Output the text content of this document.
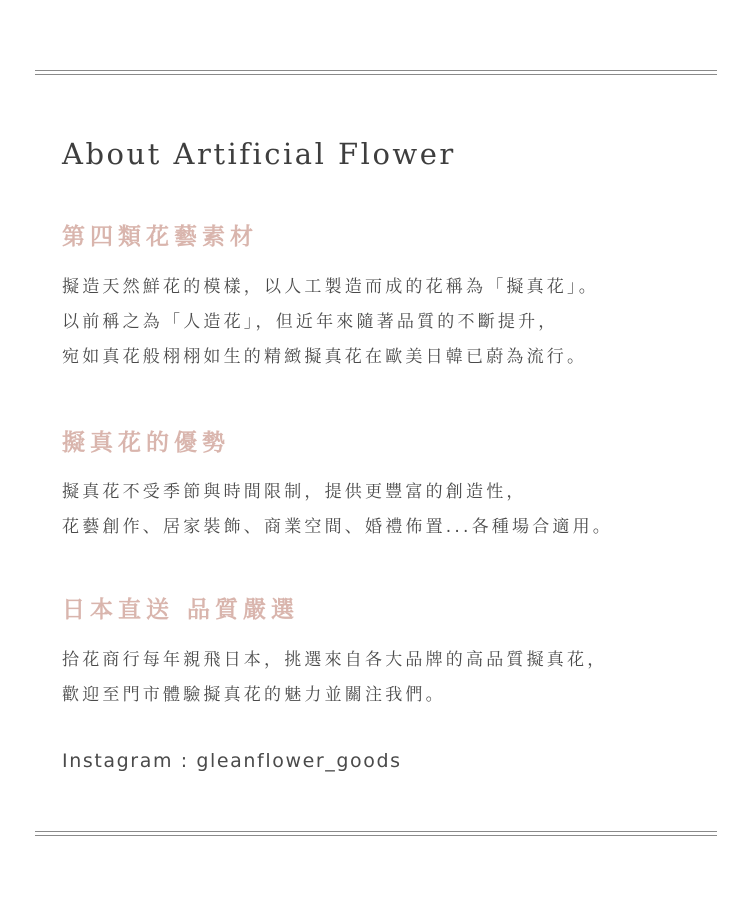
About Artificial Flower
第四類花藝素材

擬造天然鮮花的模樣，以人工製造而成的花稱為「擬真花」。
以前稱之為「人造花」，但近年來隨著品質的不斷提升，
宛如真花般栩栩如生的精緻擬真花在歐美日韓已蔚為流行。

擬真花的優勢

擬真花不受季節與時間限制，提供更豐富的創造性，
花藝創作、居家裝飾、商業空間、婚禮佈置...各種場合適用。

日本直送 品質嚴選

拾花商行每年親飛日本，挑選來自各大品牌的高品質擬真花，
歡迎至門市體驗擬真花的魅力並關注我們。

Instagram : gleanflower_goods
